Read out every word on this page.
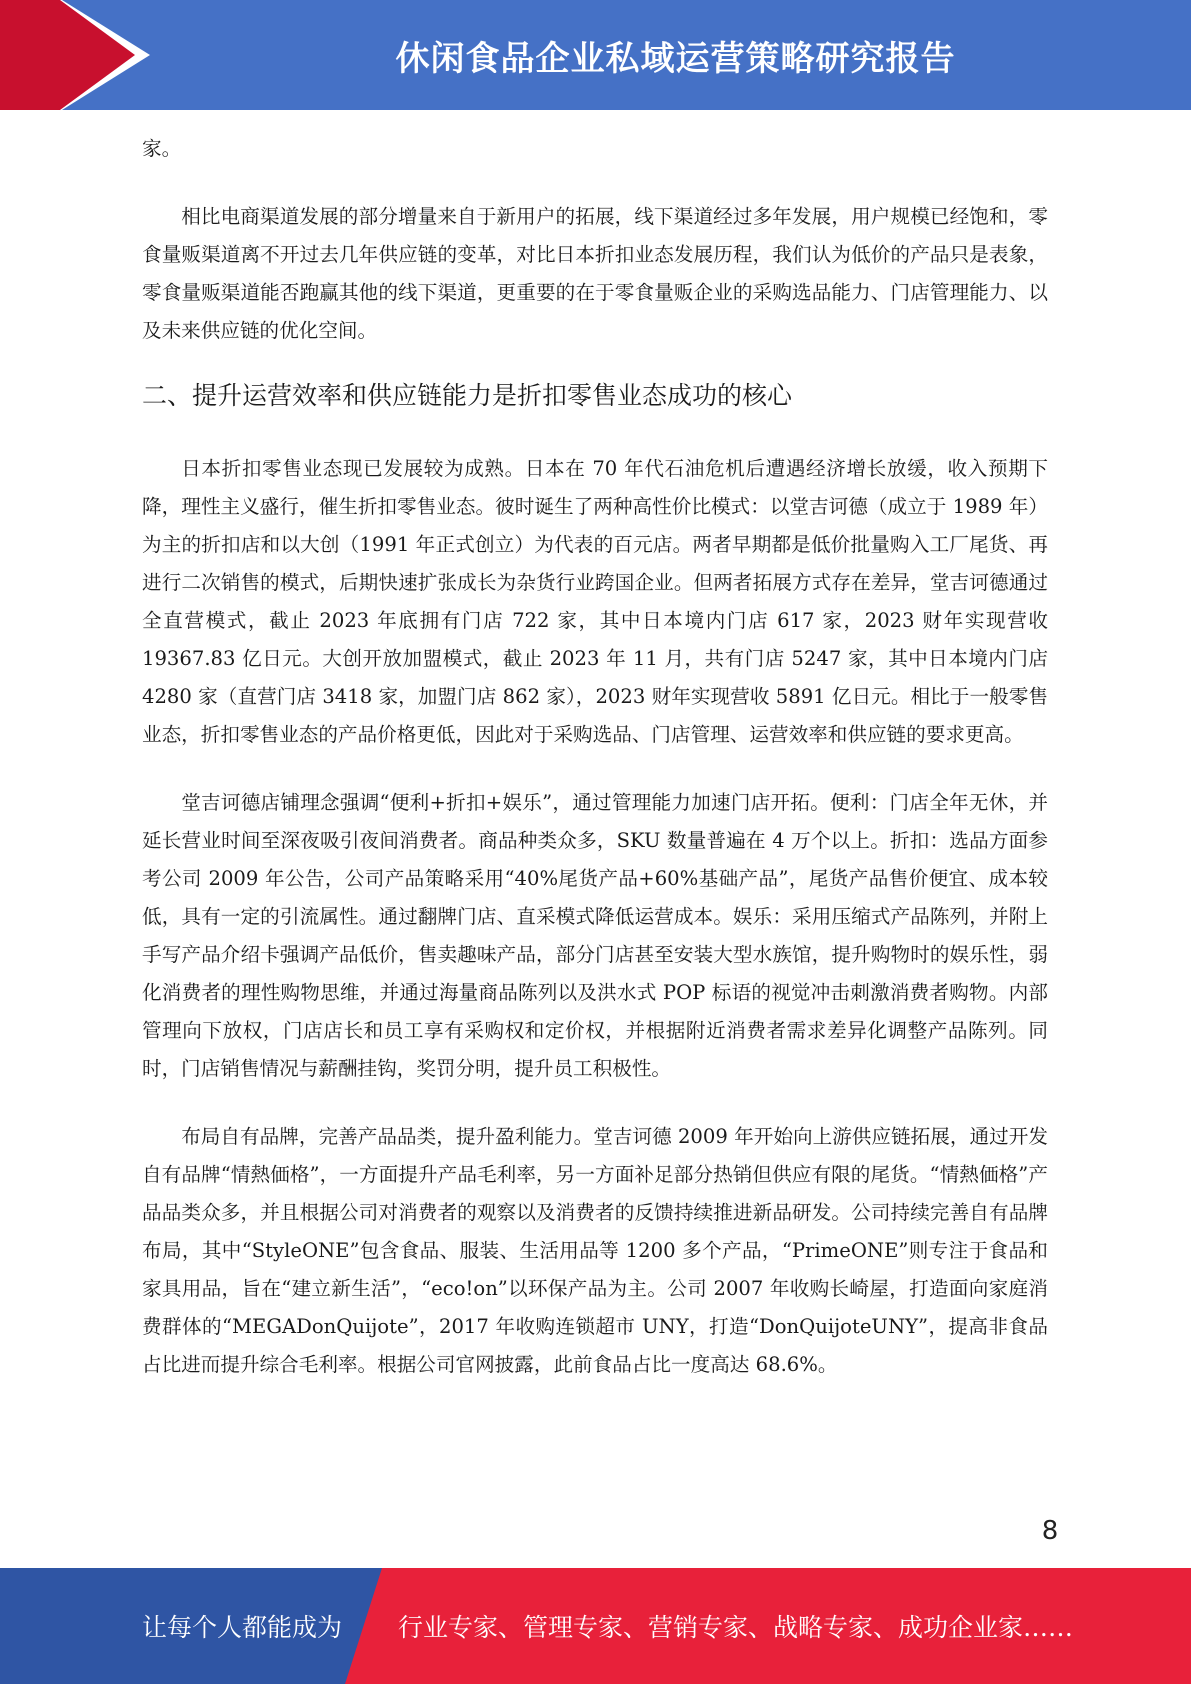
休闲食品企业私域运营策略研究报告

家。

相比电商渠道发展的部分增量来自于新用户的拓展，线下渠道经过多年发展，用户规模已经饱和，零食量贩渠道离不开过去几年供应链的变革，对比日本折扣业态发展历程，我们认为低价的产品只是表象，零食量贩渠道能否跑赢其他的线下渠道，更重要的在于零食量贩企业的采购选品能力、门店管理能力、以及未来供应链的优化空间。

二、提升运营效率和供应链能力是折扣零售业态成功的核心

日本折扣零售业态现已发展较为成熟。日本在 70 年代石油危机后遭遇经济增长放缓，收入预期下降，理性主义盛行，催生折扣零售业态。彼时诞生了两种高性价比模式：以堂吉诃德（成立于 1989 年）为主的折扣店和以大创（1991 年正式创立）为代表的百元店。两者早期都是低价批量购入工厂尾货、再进行二次销售的模式，后期快速扩张成长为杂货行业跨国企业。但两者拓展方式存在差异，堂吉诃德通过全直营模式，截止 2023 年底拥有门店 722 家，其中日本境内门店 617 家，2023 财年实现营收 19367.83 亿日元。大创开放加盟模式，截止 2023 年 11 月，共有门店 5247 家，其中日本境内门店 4280 家（直营门店 3418 家，加盟门店 862 家），2023 财年实现营收 5891 亿日元。相比于一般零售业态，折扣零售业态的产品价格更低，因此对于采购选品、门店管理、运营效率和供应链的要求更高。

堂吉诃德店铺理念强调“便利+折扣+娱乐”，通过管理能力加速门店开拓。便利：门店全年无休，并延长营业时间至深夜吸引夜间消费者。商品种类众多，SKU 数量普遍在 4 万个以上。折扣：选品方面参考公司 2009 年公告，公司产品策略采用“40%尾货产品+60%基础产品”，尾货产品售价便宜、成本较低，具有一定的引流属性。通过翻牌门店、直采模式降低运营成本。娱乐：采用压缩式产品陈列，并附上手写产品介绍卡强调产品低价，售卖趣味产品，部分门店甚至安装大型水族馆，提升购物时的娱乐性，弱化消费者的理性购物思维，并通过海量商品陈列以及洪水式 POP 标语的视觉冲击刺激消费者购物。内部管理向下放权，门店店长和员工享有采购权和定价权，并根据附近消费者需求差异化调整产品陈列。同时，门店销售情况与薪酬挂钩，奖罚分明，提升员工积极性。

布局自有品牌，完善产品品类，提升盈利能力。堂吉诃德 2009 年开始向上游供应链拓展，通过开发自有品牌“情熱価格”，一方面提升产品毛利率，另一方面补足部分热销但供应有限的尾货。“情熱価格”产品品类众多，并且根据公司对消费者的观察以及消费者的反馈持续推进新品研发。公司持续完善自有品牌布局，其中“StyleONE”包含食品、服装、生活用品等 1200 多个产品，“PrimeONE”则专注于食品和家具用品，旨在“建立新生活”，“eco!on”以环保产品为主。公司 2007 年收购长崎屋，打造面向家庭消费群体的“MEGADonQuijote”，2017 年收购连锁超市 UNY，打造“DonQuijoteUNY”，提高非食品占比进而提升综合毛利率。根据公司官网披露，此前食品占比一度高达 68.6%。

8
让每个人都能成为 行业专家、管理专家、营销专家、战略专家、成功企业家……
